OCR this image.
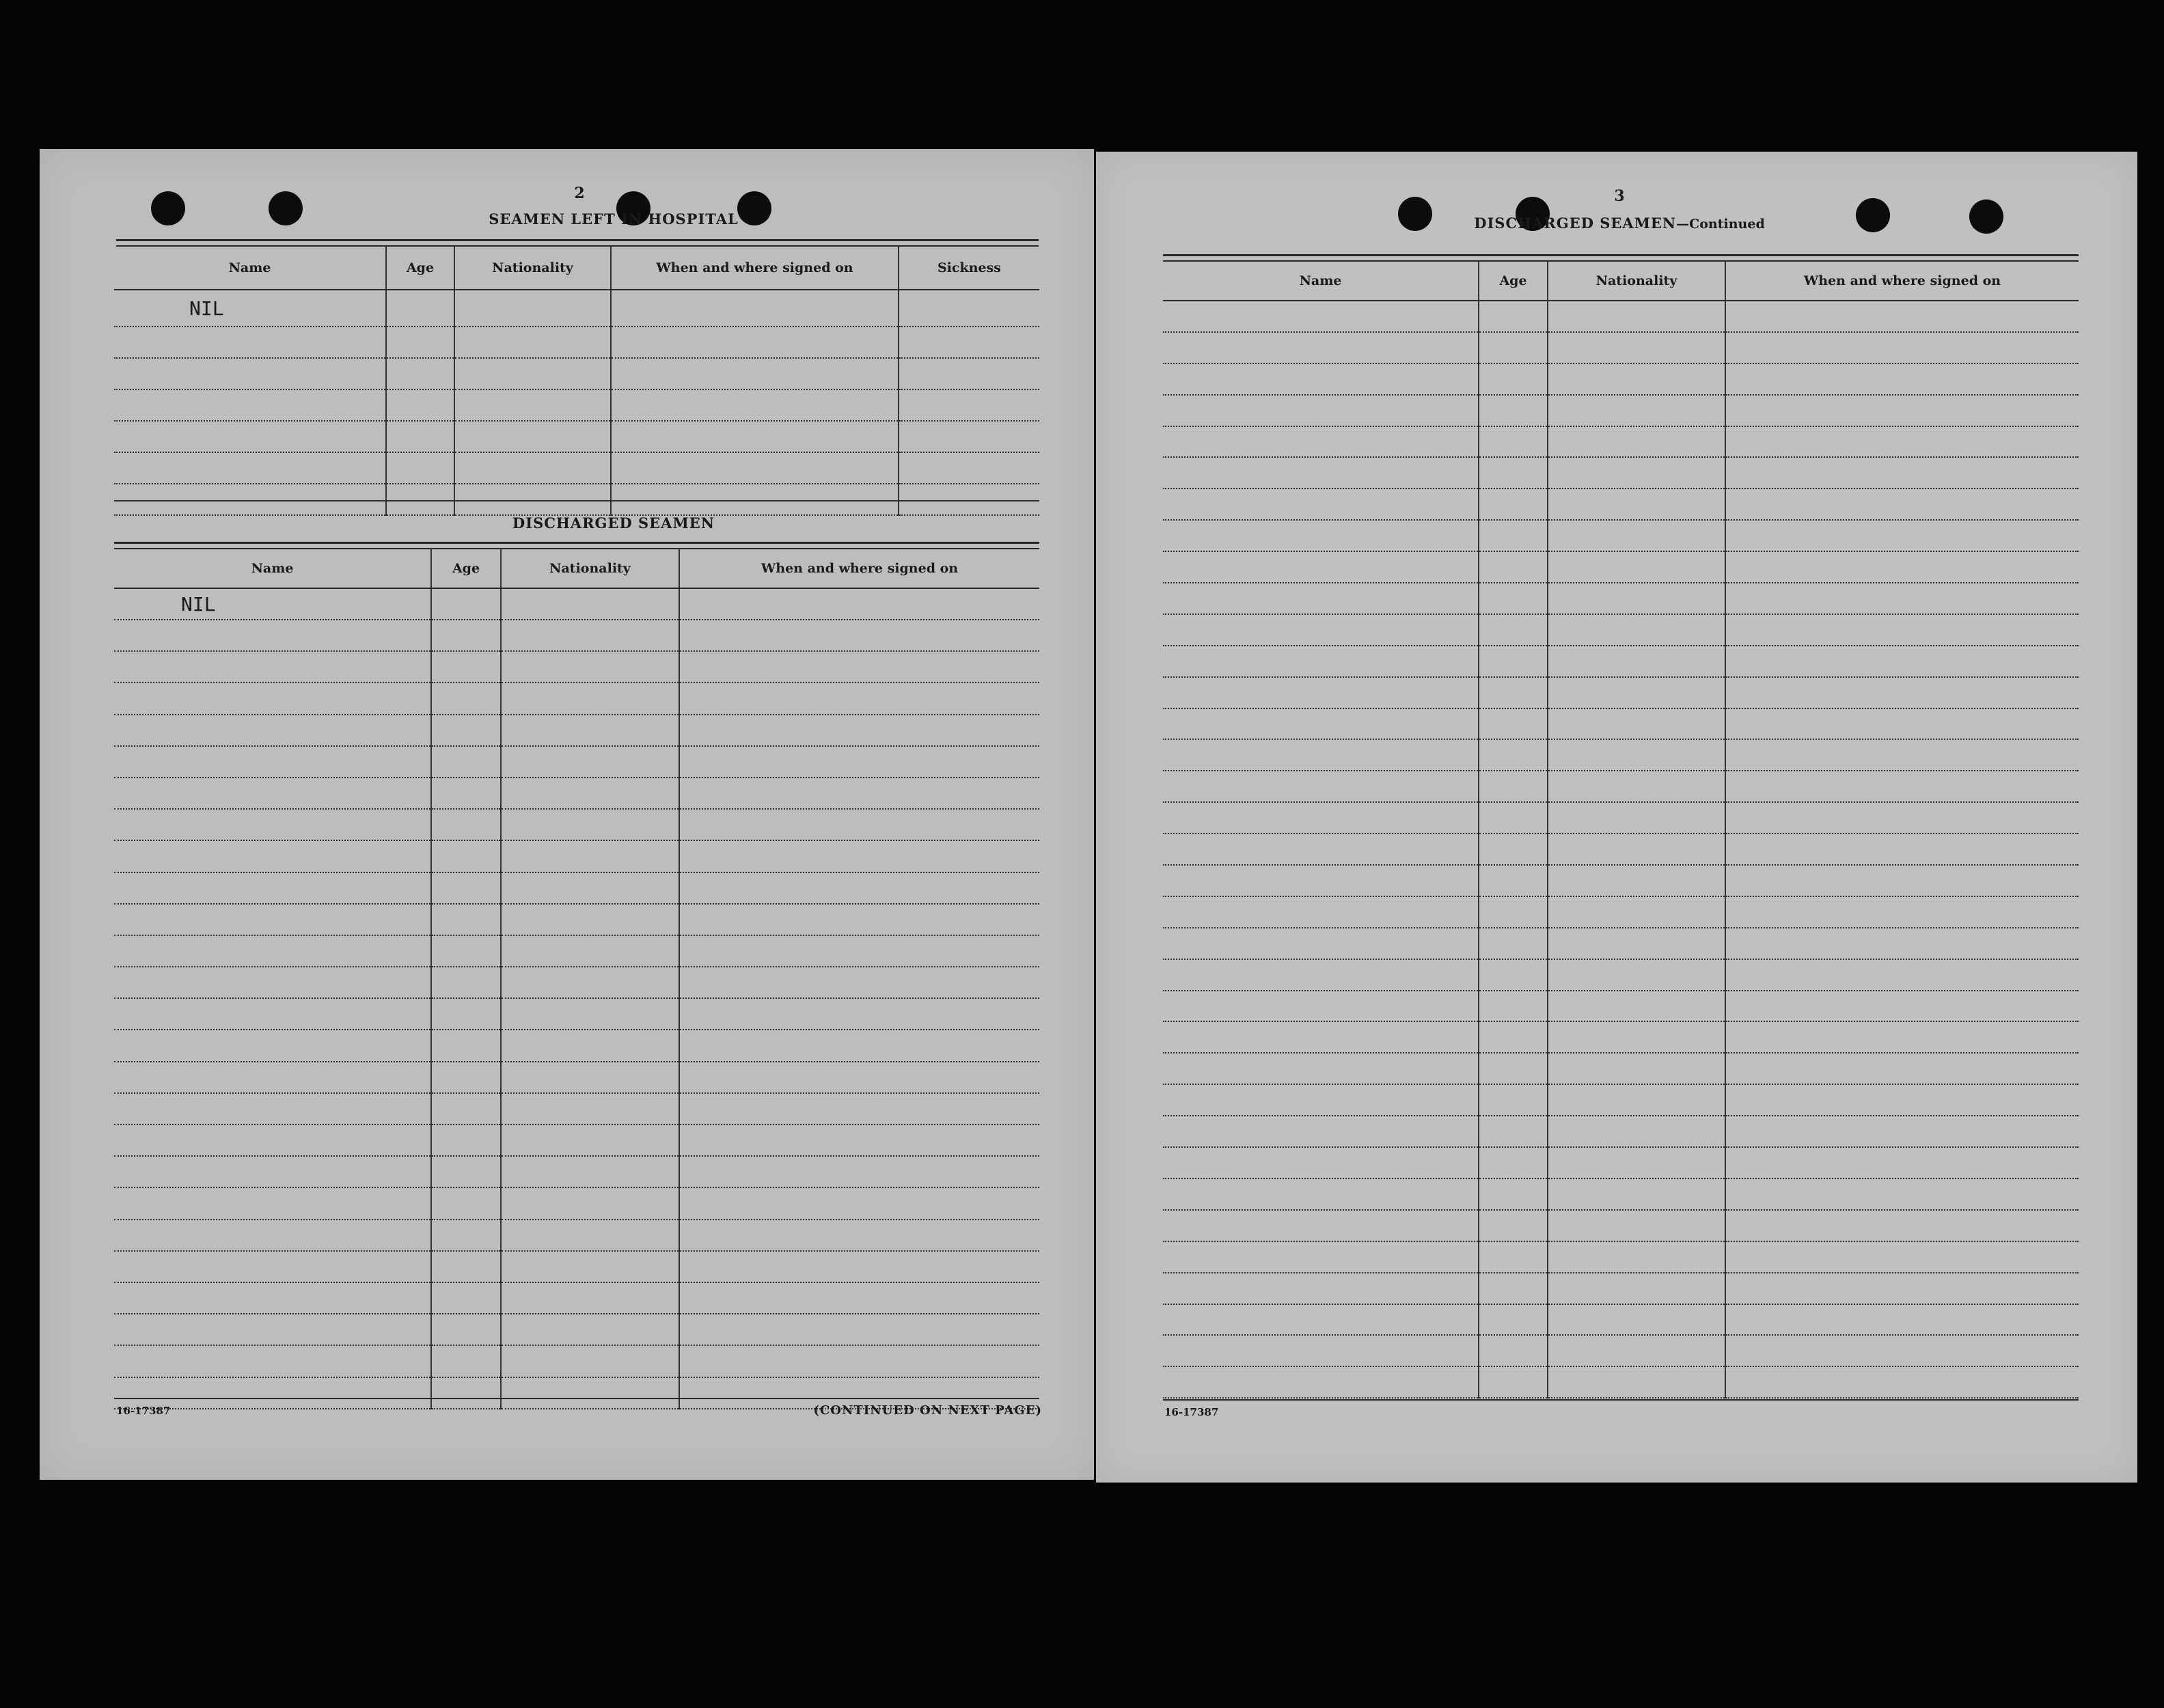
2
SEAMEN LEFT IN HOSPITAL
Name	Age	Nationality	When and where signed on	Sickness
NIL				

DISCHARGED SEAMEN
Name	Age	Nationality	When and where signed on
NIL			

16-17387	(CONTINUED ON NEXT PAGE)
3
DISCHARGED SEAMEN—Continued
Name	Age	Nationality	When and where signed on

16-17387
